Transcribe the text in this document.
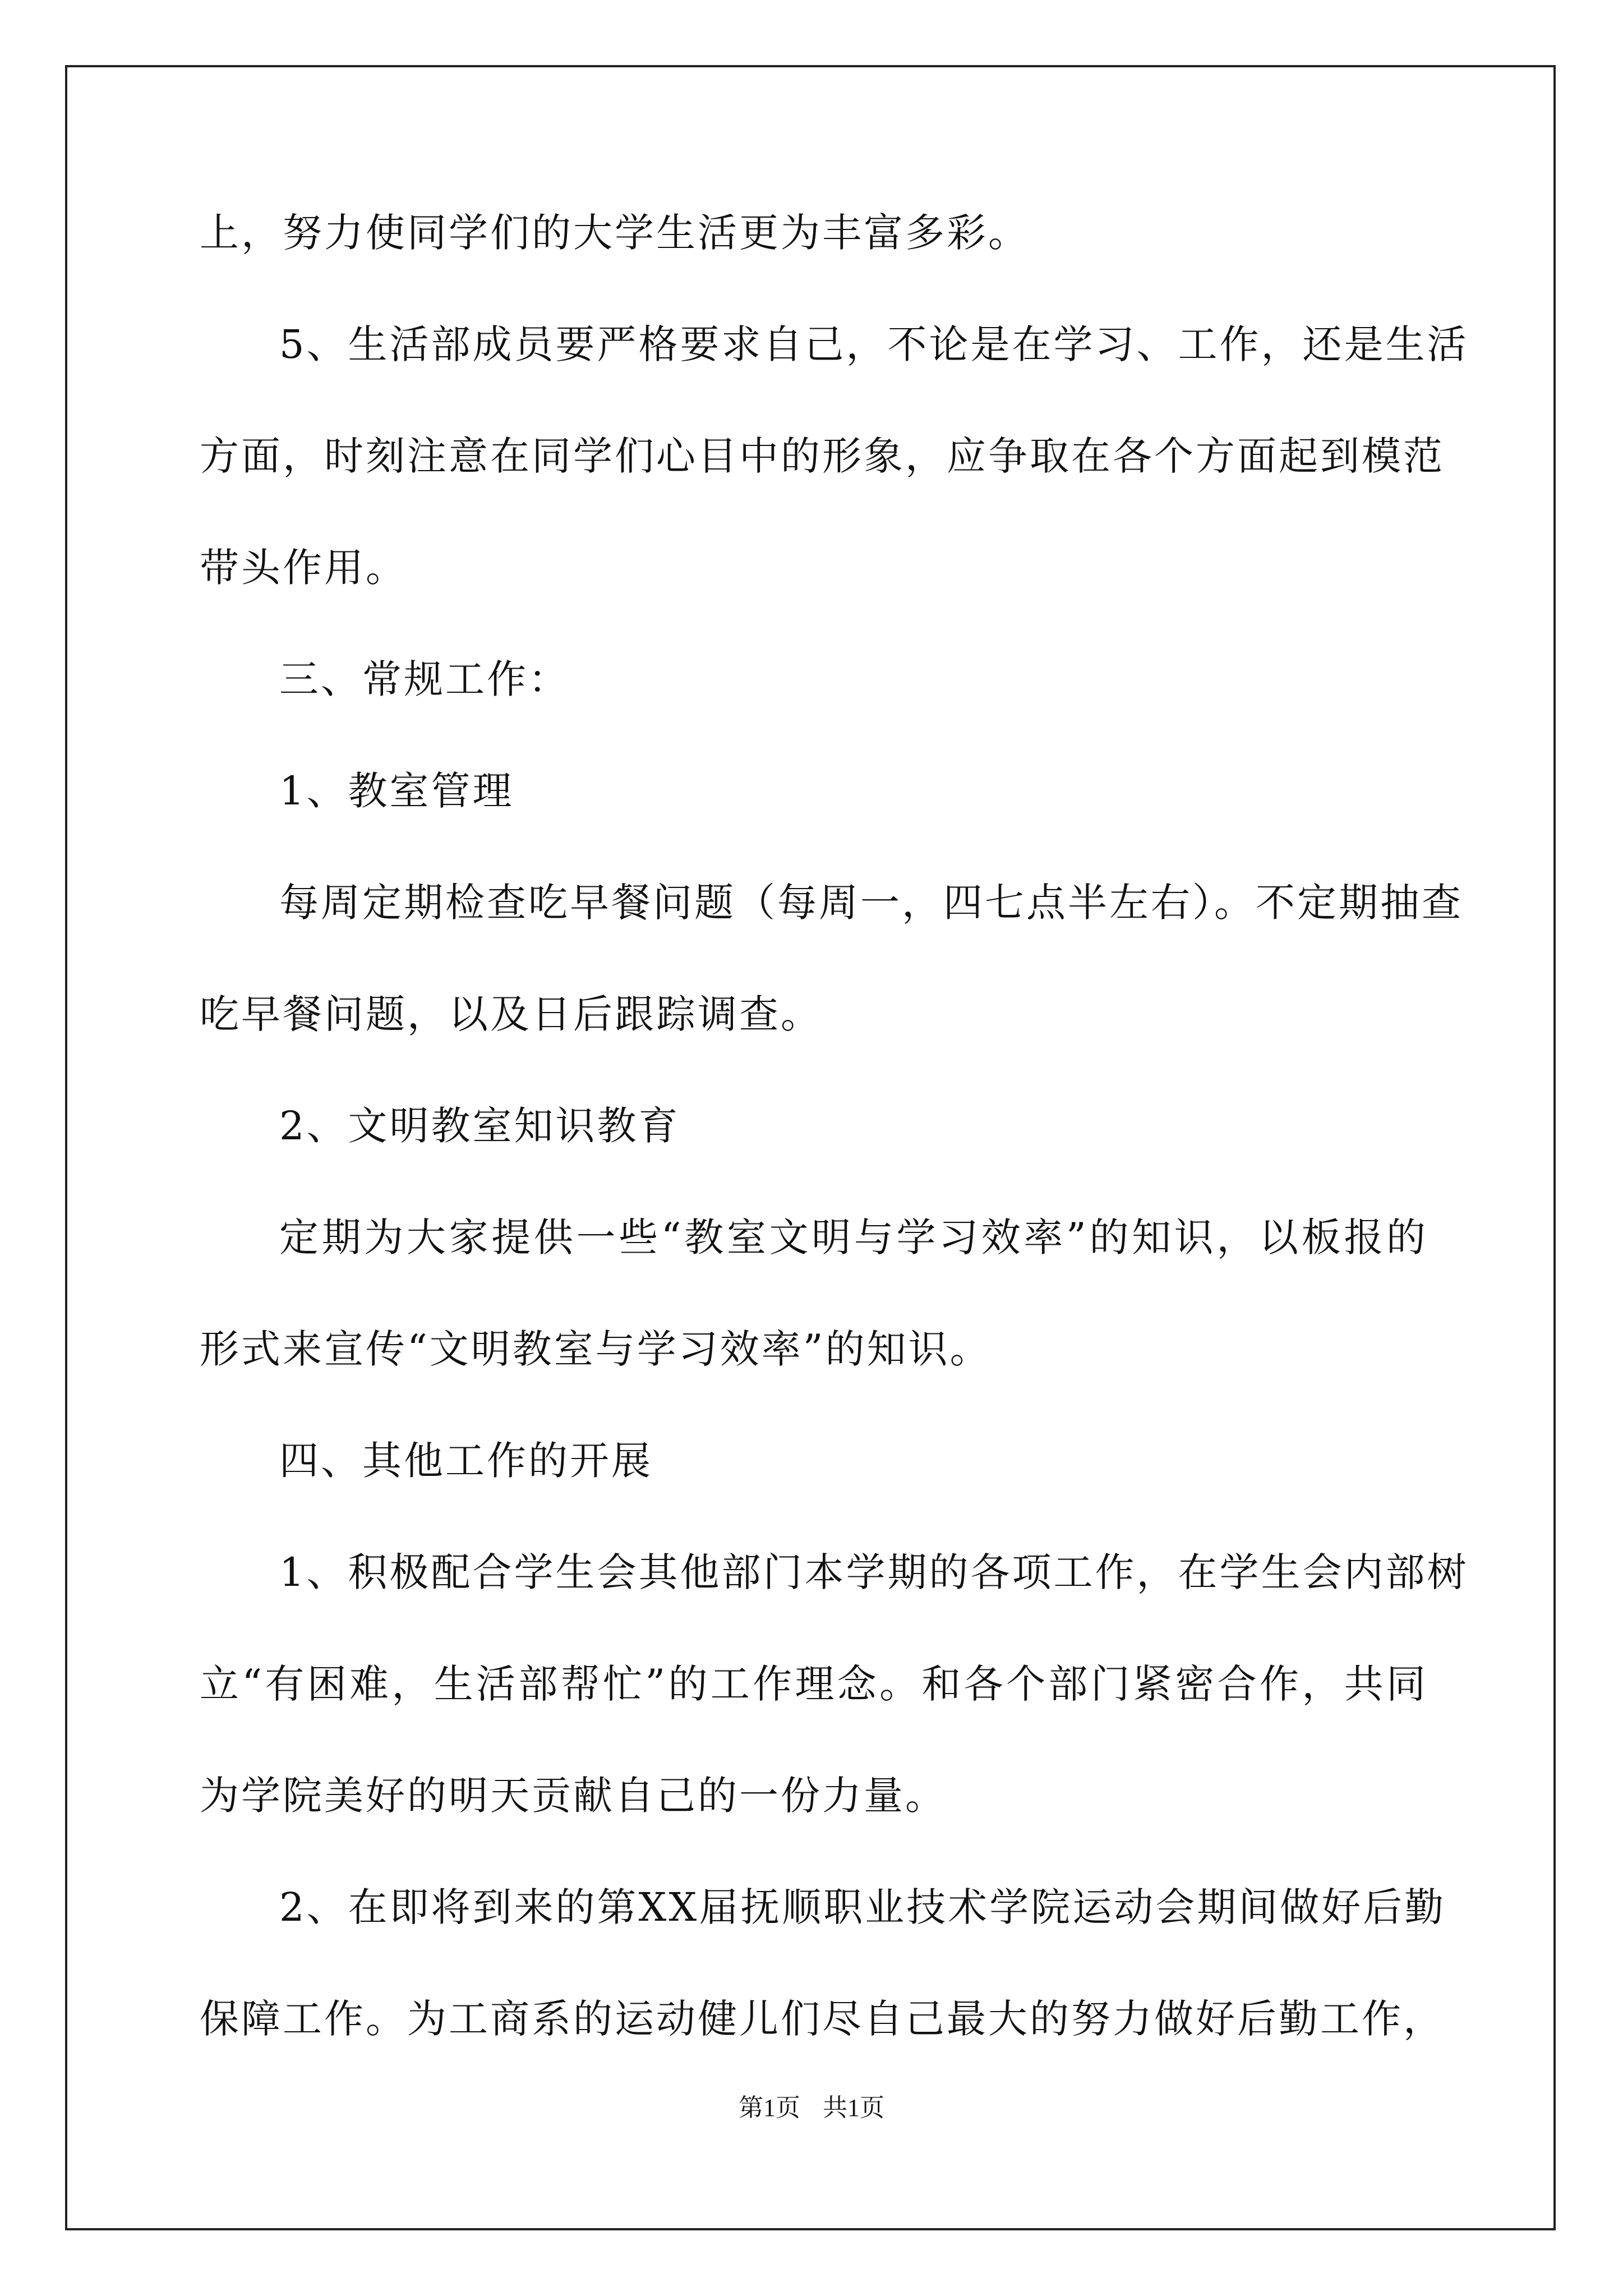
上，努力使同学们的大学生活更为丰富多彩。
5、生活部成员要严格要求自己，不论是在学习、工作，还是生活
方面，时刻注意在同学们心目中的形象，应争取在各个方面起到模范
带头作用。
三、常规工作：
1、教室管理
每周定期检查吃早餐问题（每周一，四七点半左右）。不定期抽查
吃早餐问题，以及日后跟踪调查。
2、文明教室知识教育
定期为大家提供一些“教室文明与学习效率”的知识，以板报的
形式来宣传“文明教室与学习效率”的知识。
四、其他工作的开展
1、积极配合学生会其他部门本学期的各项工作，在学生会内部树
立“有困难，生活部帮忙”的工作理念。和各个部门紧密合作，共同
为学院美好的明天贡献自己的一份力量。
2、在即将到来的第XX届抚顺职业技术学院运动会期间做好后勤
保障工作。为工商系的运动健儿们尽自己最大的努力做好后勤工作，
第1页 共1页
